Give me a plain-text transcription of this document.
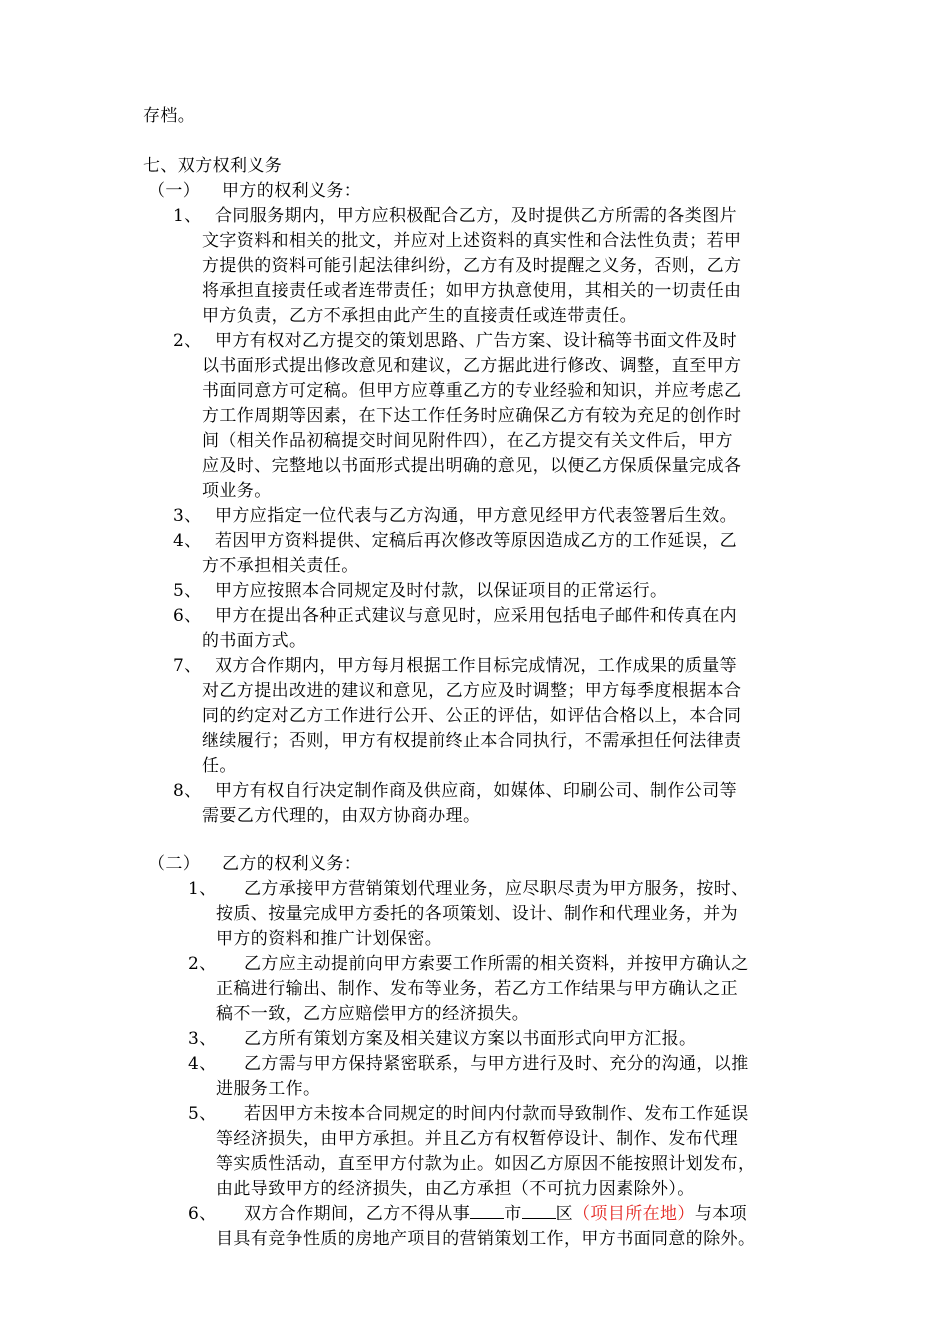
存档。
七、双方权利义务
（一） 甲方的权利义务：
1、 合同服务期内，甲方应积极配合乙方，及时提供乙方所需的各类图片
文字资料和相关的批文，并应对上述资料的真实性和合法性负责；若甲
方提供的资料可能引起法律纠纷，乙方有及时提醒之义务，否则，乙方
将承担直接责任或者连带责任；如甲方执意使用，其相关的一切责任由
甲方负责，乙方不承担由此产生的直接责任或连带责任。
2、 甲方有权对乙方提交的策划思路、广告方案、设计稿等书面文件及时
以书面形式提出修改意见和建议，乙方据此进行修改、调整，直至甲方
书面同意方可定稿。但甲方应尊重乙方的专业经验和知识，并应考虑乙
方工作周期等因素，在下达工作任务时应确保乙方有较为充足的创作时
间（相关作品初稿提交时间见附件四），在乙方提交有关文件后，甲方
应及时、完整地以书面形式提出明确的意见，以便乙方保质保量完成各
项业务。
3、 甲方应指定一位代表与乙方沟通，甲方意见经甲方代表签署后生效。
4、 若因甲方资料提供、定稿后再次修改等原因造成乙方的工作延误，乙
方不承担相关责任。
5、 甲方应按照本合同规定及时付款，以保证项目的正常运行。
6、 甲方在提出各种正式建议与意见时，应采用包括电子邮件和传真在内
的书面方式。
7、 双方合作期内，甲方每月根据工作目标完成情况，工作成果的质量等
对乙方提出改进的建议和意见，乙方应及时调整；甲方每季度根据本合
同的约定对乙方工作进行公开、公正的评估，如评估合格以上，本合同
继续履行；否则，甲方有权提前终止本合同执行，不需承担任何法律责
任。
8、 甲方有权自行决定制作商及供应商，如媒体、印刷公司、制作公司等
需要乙方代理的，由双方协商办理。
（二） 乙方的权利义务：
1、 乙方承接甲方营销策划代理业务，应尽职尽责为甲方服务，按时、
按质、按量完成甲方委托的各项策划、设计、制作和代理业务，并为
甲方的资料和推广计划保密。
2、 乙方应主动提前向甲方索要工作所需的相关资料，并按甲方确认之
正稿进行输出、制作、发布等业务，若乙方工作结果与甲方确认之正
稿不一致，乙方应赔偿甲方的经济损失。
3、 乙方所有策划方案及相关建议方案以书面形式向甲方汇报。
4、 乙方需与甲方保持紧密联系，与甲方进行及时、充分的沟通，以推
进服务工作。
5、 若因甲方未按本合同规定的时间内付款而导致制作、发布工作延误
等经济损失，由甲方承担。并且乙方有权暂停设计、制作、发布代理
等实质性活动，直至甲方付款为止。如因乙方原因不能按照计划发布，
由此导致甲方的经济损失，由乙方承担（不可抗力因素除外）。
6、 双方合作期间，乙方不得从事 市 区（项目所在地）与本项
目具有竞争性质的房地产项目的营销策划工作，甲方书面同意的除外。
